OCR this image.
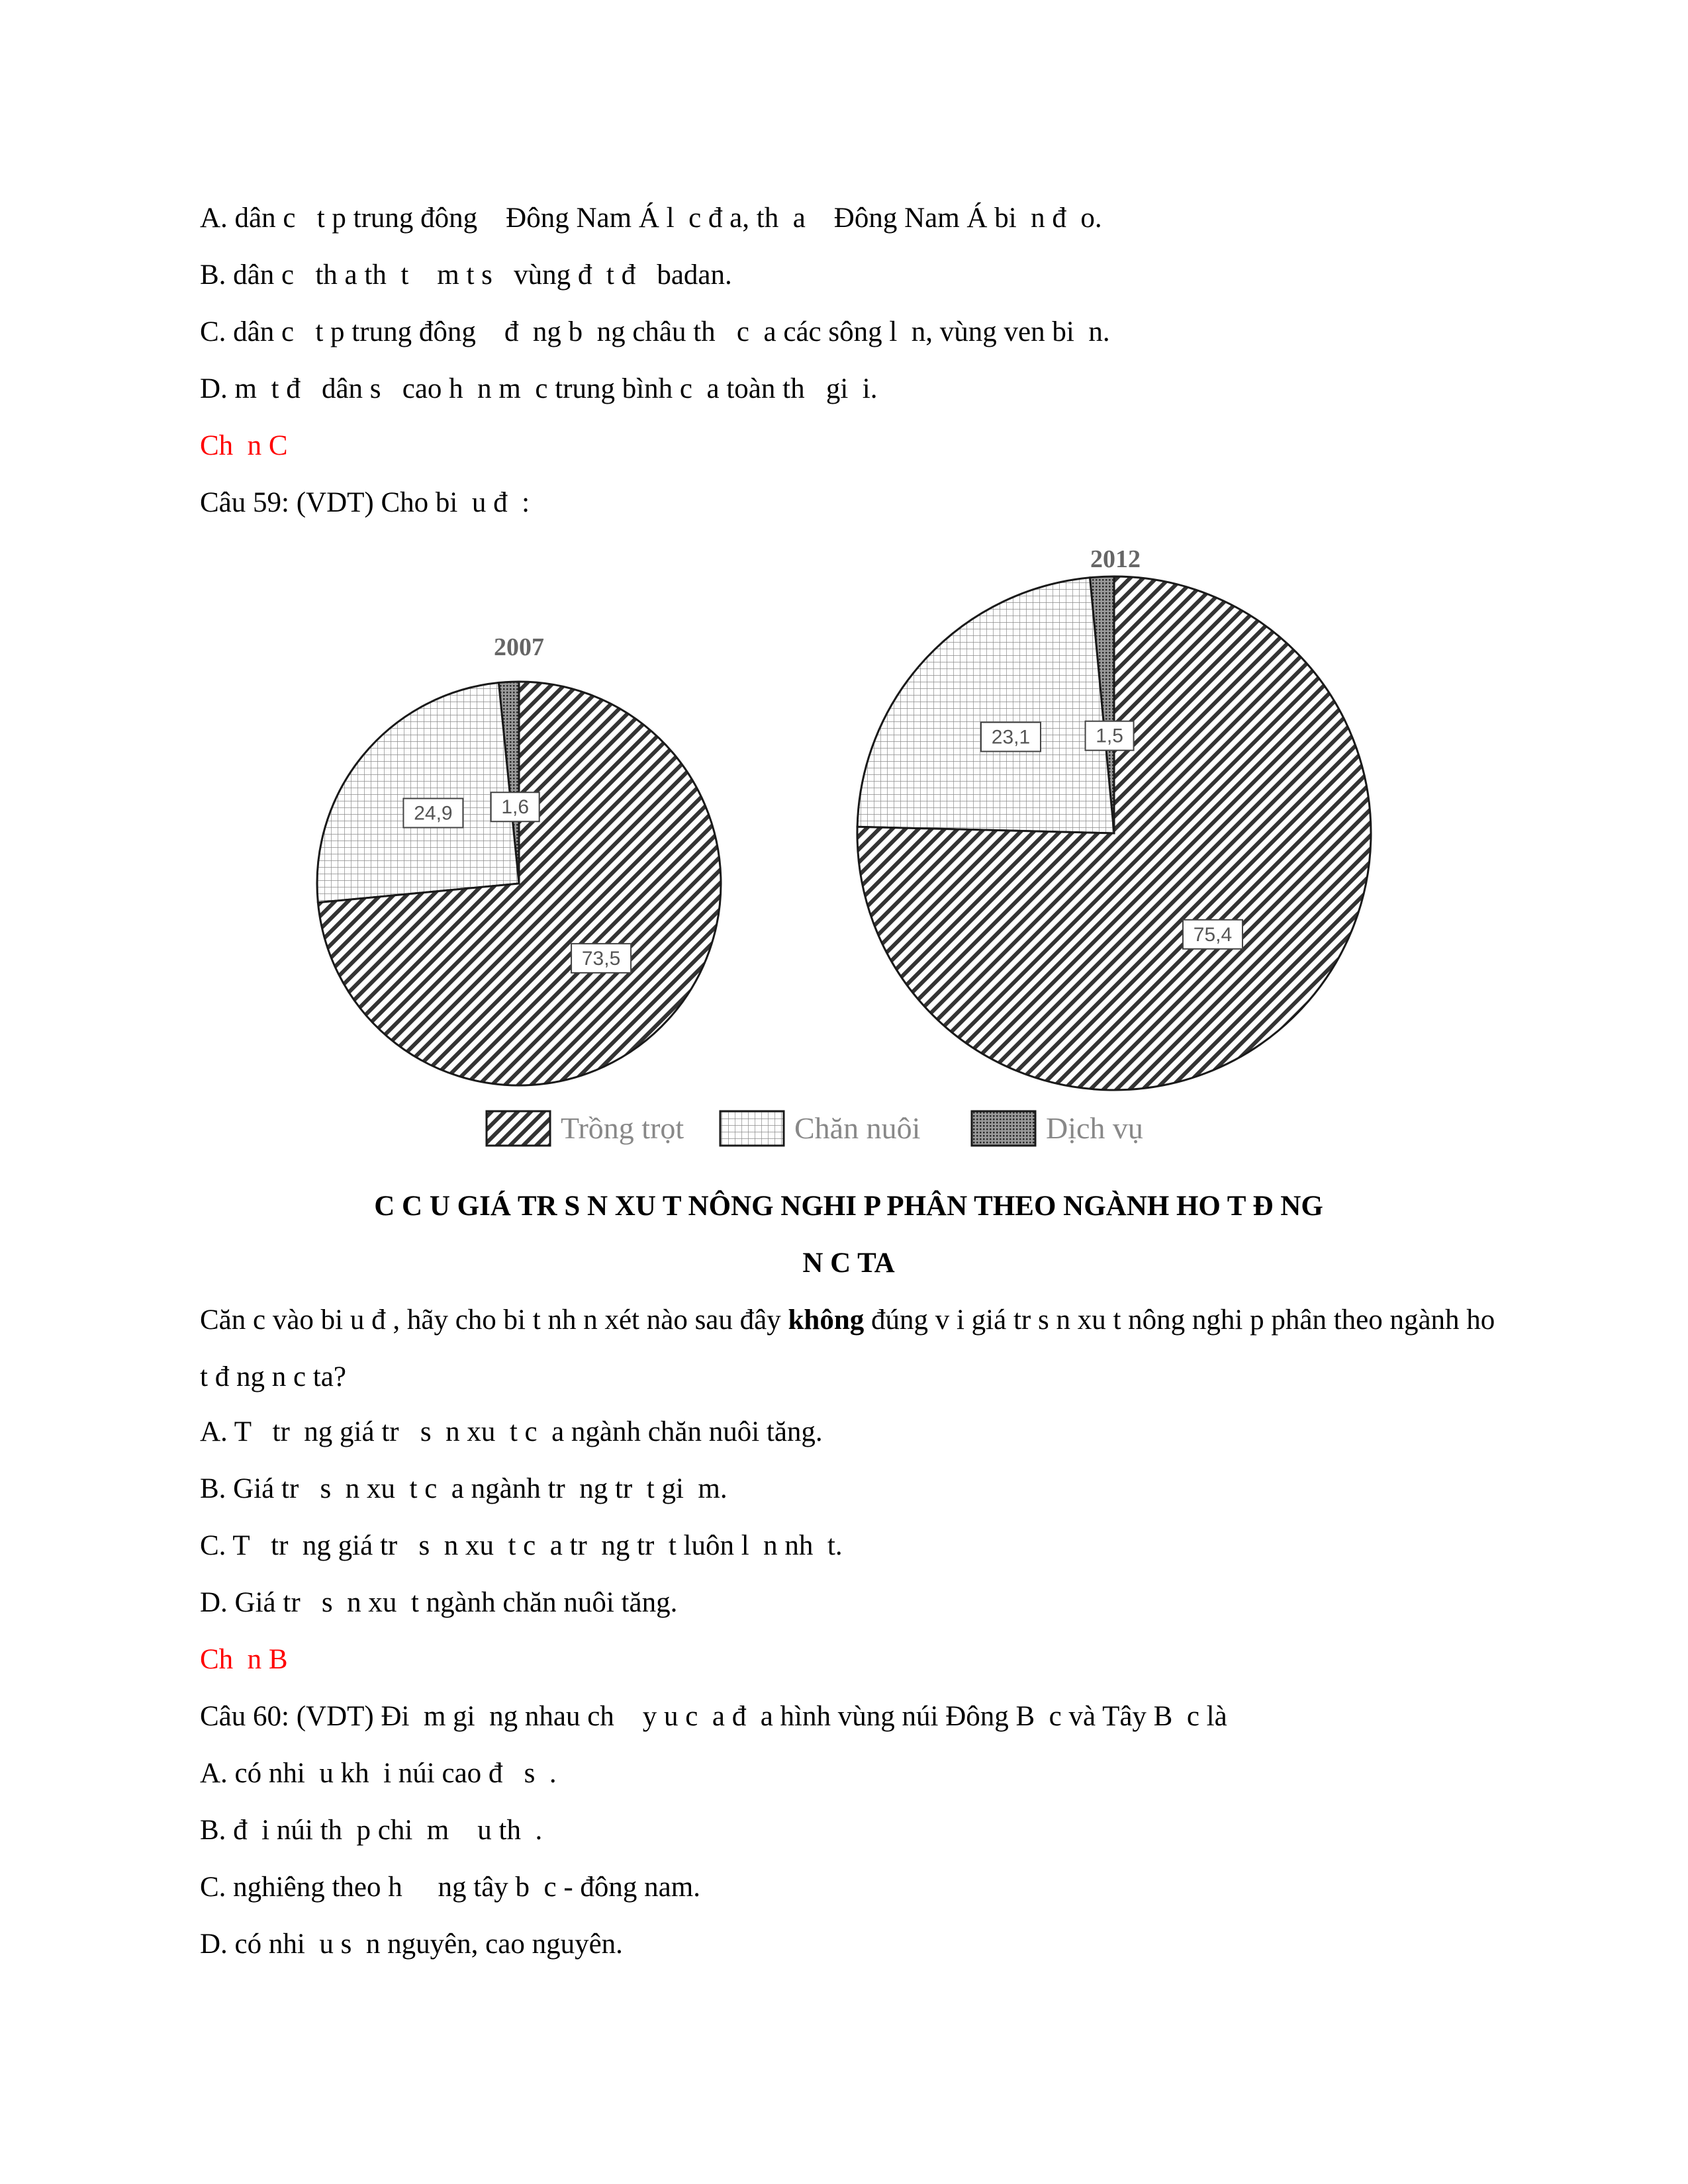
A. dân c   t p trung đông    Đông Nam Á l  c đ a, th  a    Đông Nam Á bi  n đ  o.
B. dân c   th a th  t    m t s   vùng đ  t đ   badan.
C. dân c   t p trung đông    đ  ng b  ng châu th   c  a các sông l  n, vùng ven bi  n.
D. m  t đ   dân s   cao h  n m  c trung bình c  a toàn th   gi  i.
Ch  n C
Câu 59: (VDT) Cho bi  u đ  :
1,6
24,9
73,5
2007
1,5
23,1
75,4
2012
Trồng trọt	Chăn nuôi	Dịch vụ
C C U GIÁ TR S N XU T NÔNG NGHI P PHÂN THEO NGÀNH HO T Đ NG
N C TA
Căn c vào bi u đ , hãy cho bi t nh n xét nào sau đây không đúng v i giá tr s n xu t nông nghi p phân theo ngành ho t đ ng n c ta?
A. T   tr  ng giá tr   s  n xu  t c  a ngành chăn nuôi tăng.
B. Giá tr   s  n xu  t c  a ngành tr  ng tr  t gi  m.
C. T   tr  ng giá tr   s  n xu  t c  a tr  ng tr  t luôn l  n nh  t.
D. Giá tr   s  n xu  t ngành chăn nuôi tăng.
Ch  n B
Câu 60: (VDT) Đi  m gi  ng nhau ch    y u c  a đ  a hình vùng núi Đông B  c và Tây B  c là
A. có nhi  u kh  i núi cao đ   s  .
B. đ  i núi th  p chi  m    u th  .
C. nghiêng theo h     ng tây b  c - đông nam.
D. có nhi  u s  n nguyên, cao nguyên.
